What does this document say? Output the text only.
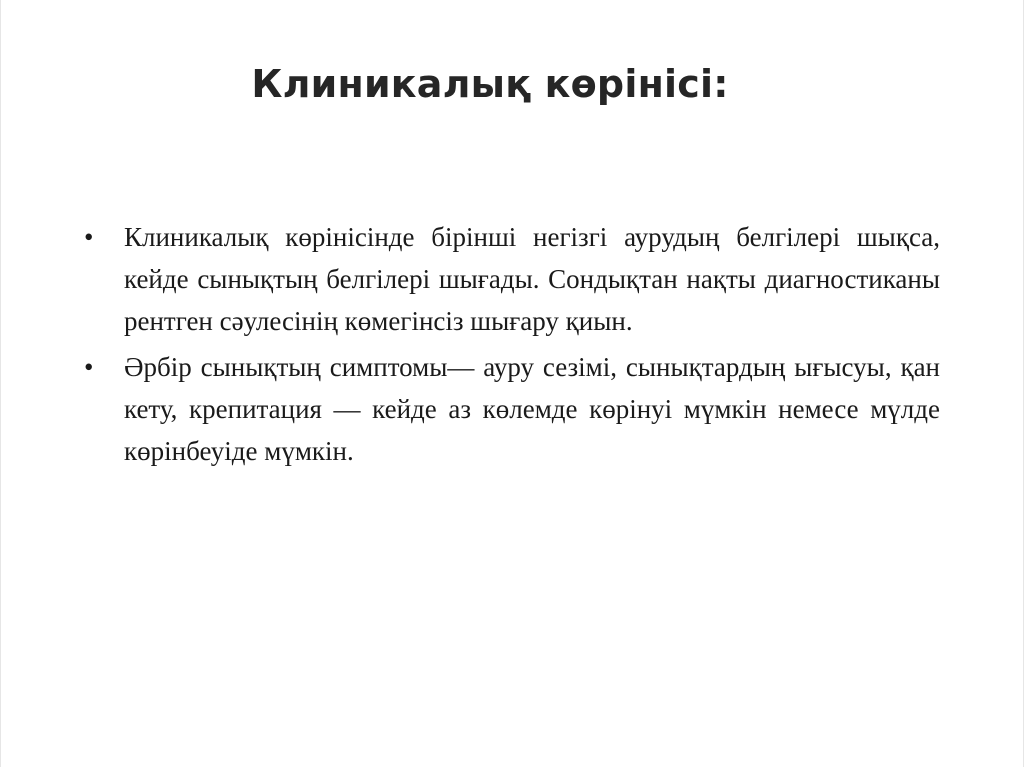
Клиникалық көрінісі:
•	Клиникалық көрінісінде бірінші негізгі аурудың белгілері шықса, кейде сынықтың белгілері шығады. Сондықтан нақты диагностиканы рентген сәулесінің көмегінсіз шығару қиын.
•	Әрбір сынықтың симптомы— ауру сезімі, сынықтардың ығысуы, қан кету, крепитация — кейде аз көлемде көрінуі мүмкін немесе мүлде көрінбеуіде мүмкін.
